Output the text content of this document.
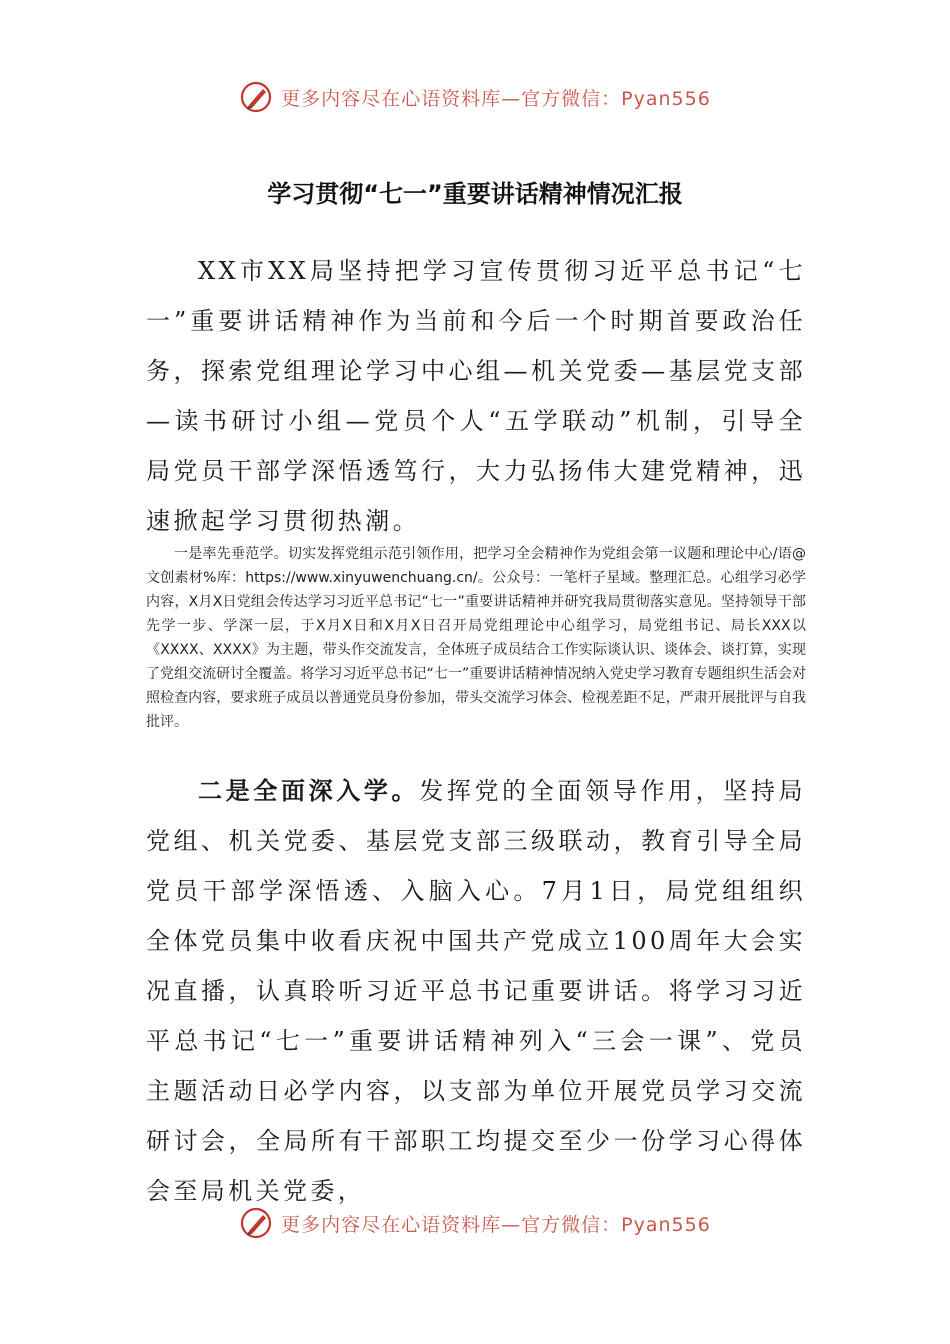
更多内容尽在心语资料库—官方微信：Pyan556
学习贯彻“七一”重要讲话精神情况汇报

XX市XX局坚持把学习宣传贯彻习近平总书记“七一”重要讲话精神作为当前和今后一个时期首要政治任务，探索党组理论学习中心组—机关党委—基层党支部—读书研讨小组—党员个人“五学联动”机制，引导全局党员干部学深悟透笃行，大力弘扬伟大建党精神，迅速掀起学习贯彻热潮。

一是率先垂范学。切实发挥党组示范引领作用，把学习全会精神作为党组会第一议题和理论中心/语@文创素材%库：https://www.xinyuwenchuang.cn/。公众号：一笔杆子星域。整理汇总。心组学习必学内容，X月X日党组会传达学习习近平总书记“七一”重要讲话精神并研究我局贯彻落实意见。坚持领导干部先学一步、学深一层，于X月X日和X月X日召开局党组理论中心组学习，局党组书记、局长XXX以《XXXX、XXXX》为主题，带头作交流发言，全体班子成员结合工作实际谈认识、谈体会、谈打算，实现了党组交流研讨全覆盖。将学习习近平总书记“七一”重要讲话精神情况纳入党史学习教育专题组织生活会对照检查内容，要求班子成员以普通党员身份参加，带头交流学习体会、检视差距不足，严肃开展批评与自我批评。

二是全面深入学。发挥党的全面领导作用，坚持局党组、机关党委、基层党支部三级联动，教育引导全局党员干部学深悟透、入脑入心。7月1日，局党组组织全体党员集中收看庆祝中国共产党成立100周年大会实况直播，认真聆听习近平总书记重要讲话。将学习习近平总书记“七一”重要讲话精神列入“三会一课”、党员主题活动日必学内容，以支部为单位开展党员学习交流研讨会，全局所有干部职工均提交至少一份学习心得体会至局机关党委，

更多内容尽在心语资料库—官方微信：Pyan556
